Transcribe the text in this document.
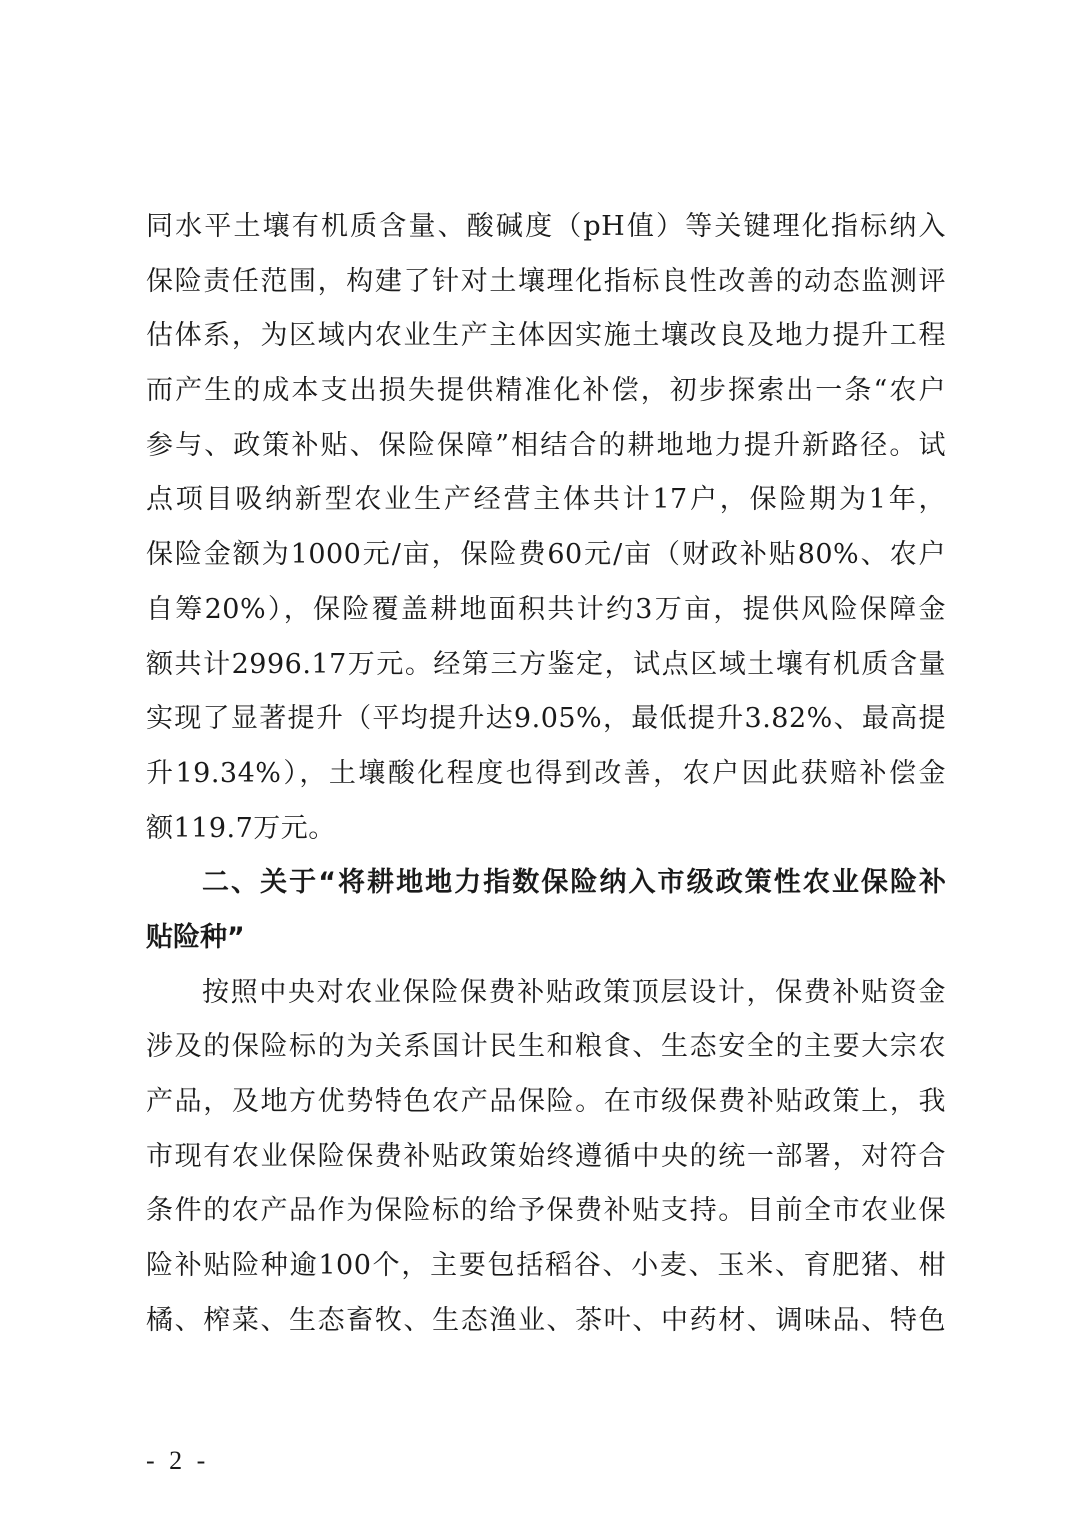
同水平土壤有机质含量、酸碱度（pH值）等关键理化指标纳入
保险责任范围，构建了针对土壤理化指标良性改善的动态监测评
估体系，为区域内农业生产主体因实施土壤改良及地力提升工程
而产生的成本支出损失提供精准化补偿，初步探索出一条“农户
参与、政策补贴、保险保障”相结合的耕地地力提升新路径。试
点项目吸纳新型农业生产经营主体共计17户，保险期为1年，
保险金额为1000元/亩，保险费60元/亩（财政补贴80%、农户
自筹20%），保险覆盖耕地面积共计约3万亩，提供风险保障金
额共计2996.17万元。经第三方鉴定，试点区域土壤有机质含量
实现了显著提升（平均提升达9.05%，最低提升3.82%、最高提
升19.34%），土壤酸化程度也得到改善，农户因此获赔补偿金
额119.7万元。
二、关于“将耕地地力指数保险纳入市级政策性农业保险补
贴险种”
按照中央对农业保险保费补贴政策顶层设计，保费补贴资金
涉及的保险标的为关系国计民生和粮食、生态安全的主要大宗农
产品，及地方优势特色农产品保险。在市级保费补贴政策上，我
市现有农业保险保费补贴政策始终遵循中央的统一部署，对符合
条件的农产品作为保险标的给予保费补贴支持。目前全市农业保
险补贴险种逾100个，主要包括稻谷、小麦、玉米、育肥猪、柑
橘、榨菜、生态畜牧、生态渔业、茶叶、中药材、调味品、特色
- 2 -
